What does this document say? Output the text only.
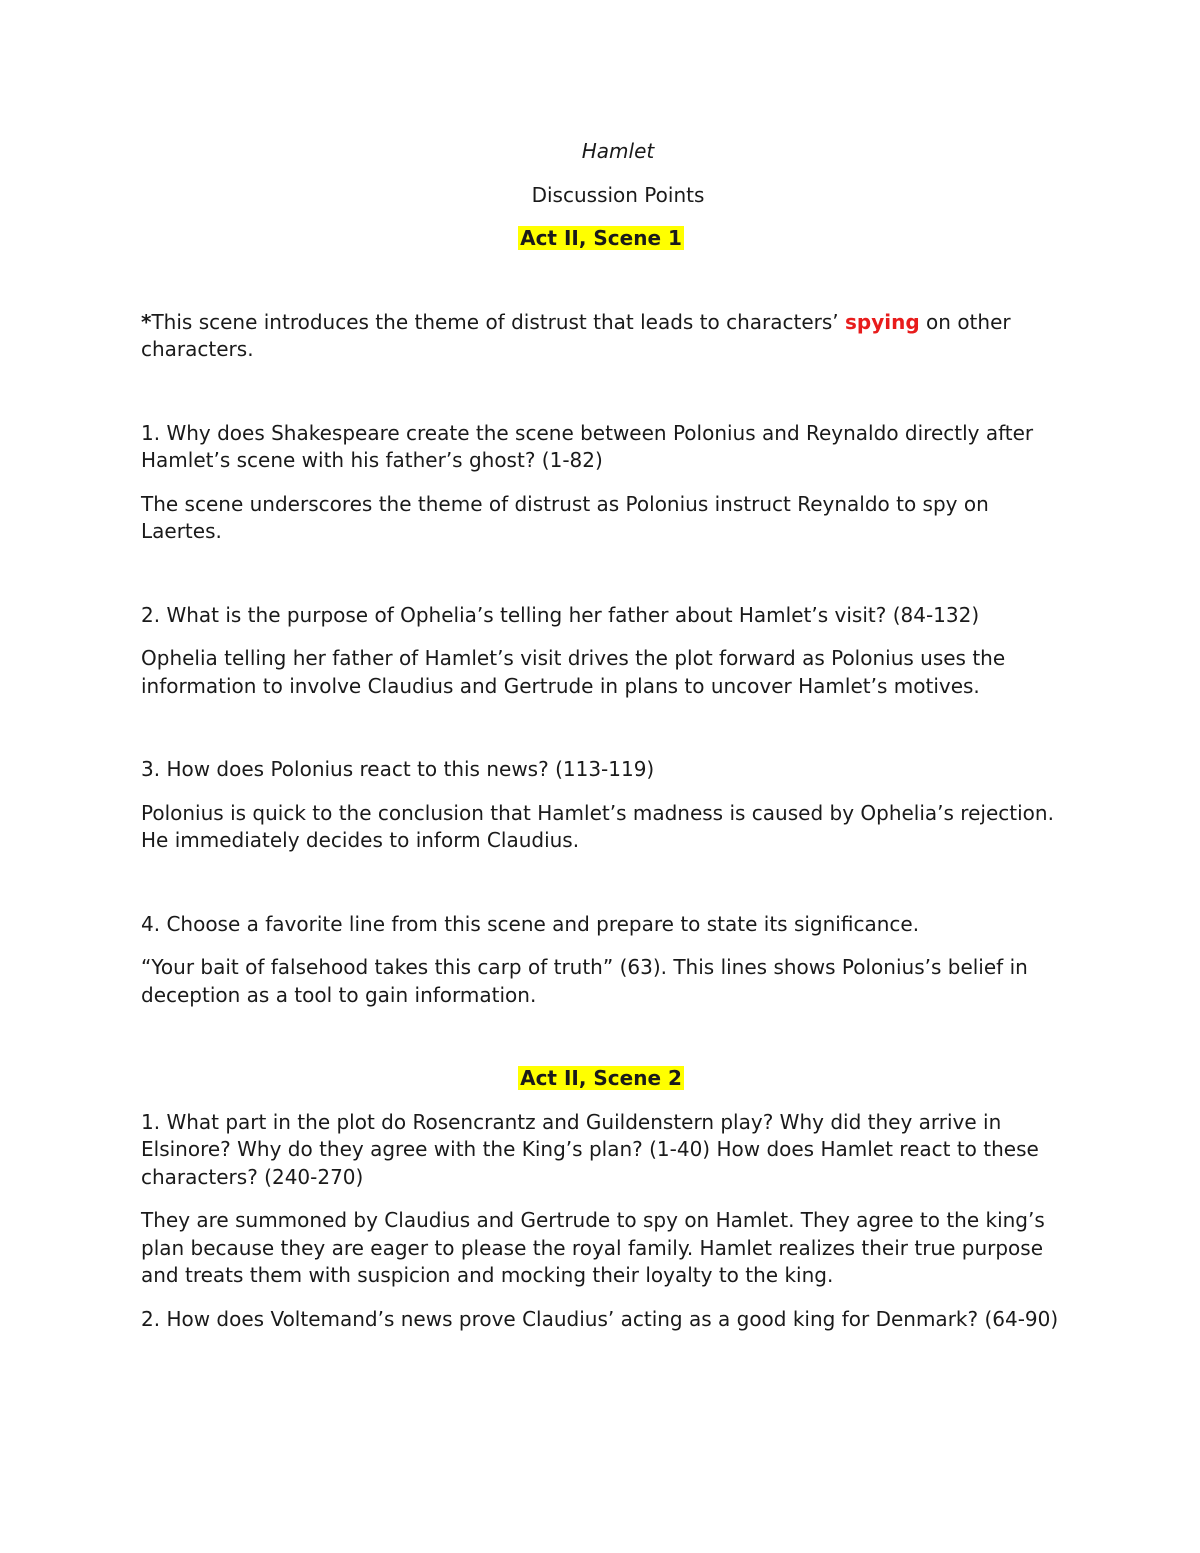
Hamlet

Discussion Points

Act II, Scene 1

*This scene introduces the theme of distrust that leads to characters’ spying on other characters.

1. Why does Shakespeare create the scene between Polonius and Reynaldo directly after Hamlet’s scene with his father’s ghost? (1-82)

The scene underscores the theme of distrust as Polonius instruct Reynaldo to spy on Laertes.

2. What is the purpose of Ophelia’s telling her father about Hamlet’s visit? (84-132)

Ophelia telling her father of Hamlet’s visit drives the plot forward as Polonius uses the information to involve Claudius and Gertrude in plans to uncover Hamlet’s motives.

3. How does Polonius react to this news? (113-119)

Polonius is quick to the conclusion that Hamlet’s madness is caused by Ophelia’s rejection. He immediately decides to inform Claudius.

4. Choose a favorite line from this scene and prepare to state its significance.

“Your bait of falsehood takes this carp of truth” (63). This lines shows Polonius’s belief in deception as a tool to gain information.

Act II, Scene 2

1. What part in the plot do Rosencrantz and Guildenstern play? Why did they arrive in Elsinore? Why do they agree with the King’s plan? (1-40) How does Hamlet react to these characters? (240-270)

They are summoned by Claudius and Gertrude to spy on Hamlet. They agree to the king’s plan because they are eager to please the royal family. Hamlet realizes their true purpose and treats them with suspicion and mocking their loyalty to the king.

2. How does Voltemand’s news prove Claudius’ acting as a good king for Denmark? (64-90)
